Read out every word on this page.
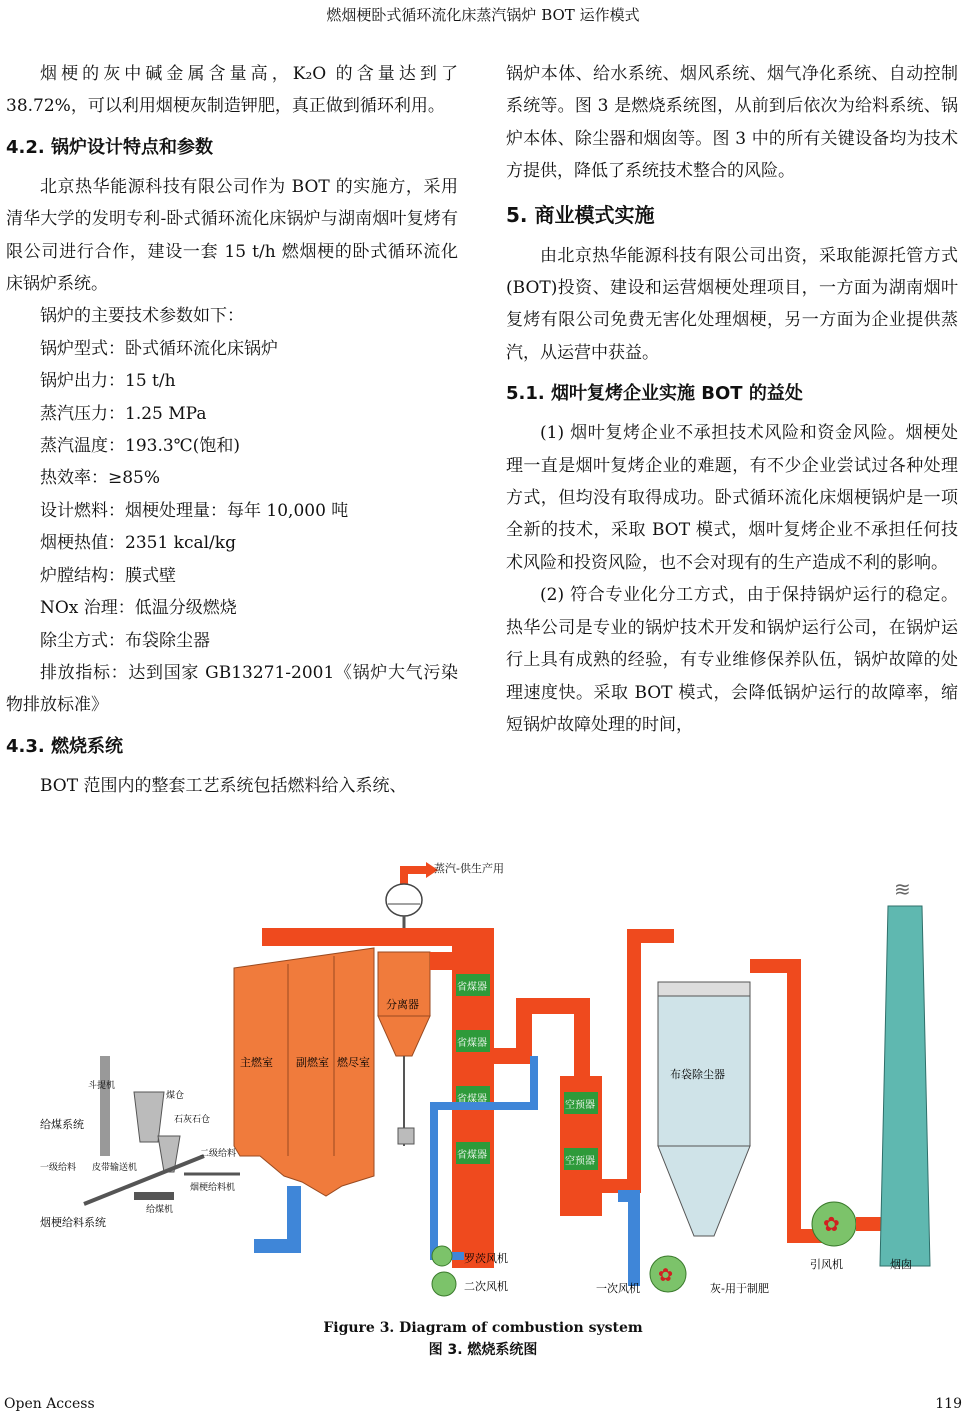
燃烟梗卧式循环流化床蒸汽锅炉 BOT 运作模式

烟梗的灰中碱金属含量高，K₂O 的含量达到了 38.72%，可以利用烟梗灰制造钾肥，真正做到循环利用。

4.2. 锅炉设计特点和参数

北京热华能源科技有限公司作为 BOT 的实施方，采用清华大学的发明专利-卧式循环流化床锅炉与湖南烟叶复烤有限公司进行合作，建设一套 15 t/h 燃烟梗的卧式循环流化床锅炉系统。

锅炉的主要技术参数如下：

锅炉型式：卧式循环流化床锅炉

锅炉出力：15 t/h

蒸汽压力：1.25 MPa

蒸汽温度：193.3℃(饱和)

热效率：≥85%

设计燃料：烟梗处理量：每年 10,000 吨

烟梗热值：2351 kcal/kg

炉膛结构：膜式壁

NOx 治理：低温分级燃烧

除尘方式：布袋除尘器

排放指标：达到国家 GB13271-2001《锅炉大气污染物排放标准》

4.3. 燃烧系统

BOT 范围内的整套工艺系统包括燃料给入系统、

锅炉本体、给水系统、烟风系统、烟气净化系统、自动控制系统等。图 3 是燃烧系统图，从前到后依次为给料系统、锅炉本体、除尘器和烟囱等。图 3 中的所有关键设备均为技术方提供，降低了系统技术整合的风险。

5. 商业模式实施

由北京热华能源科技有限公司出资，采取能源托管方式(BOT)投资、建设和运营烟梗处理项目，一方面为湖南烟叶复烤有限公司免费无害化处理烟梗，另一方面为企业提供蒸汽，从运营中获益。

5.1. 烟叶复烤企业实施 BOT 的益处

(1) 烟叶复烤企业不承担技术风险和资金风险。烟梗处理一直是烟叶复烤企业的难题，有不少企业尝试过各种处理方式，但均没有取得成功。卧式循环流化床烟梗锅炉是一项全新的技术，采取 BOT 模式，烟叶复烤企业不承担任何技术风险和投资风险，也不会对现有的生产造成不利的影响。

(2) 符合专业化分工方式，由于保持锅炉运行的稳定。热华公司是专业的锅炉技术开发和锅炉运行公司，在锅炉运行上具有成熟的经验，有专业维修保养队伍，锅炉故障的处理速度快。采取 BOT 模式，会降低锅炉运行的故障率，缩短锅炉故障处理的时间，

蒸汽-供生产用
主燃室 副燃室 燃尽室
分离器
省煤器
省煤器
省煤器
省煤器
空预器
空预器
布袋除尘器
✿
引风机
≋
烟囱
✿
一次风机	灰-用于制肥
罗茨风机
二次风机
给煤系统
烟梗给料系统
斗提机
煤仓
石灰石仓
一级给料 皮带输送机
二级给料
烟梗给料机
给煤机
Figure 3. Diagram of combustion system
图 3. 燃烧系统图
Open Access	119
